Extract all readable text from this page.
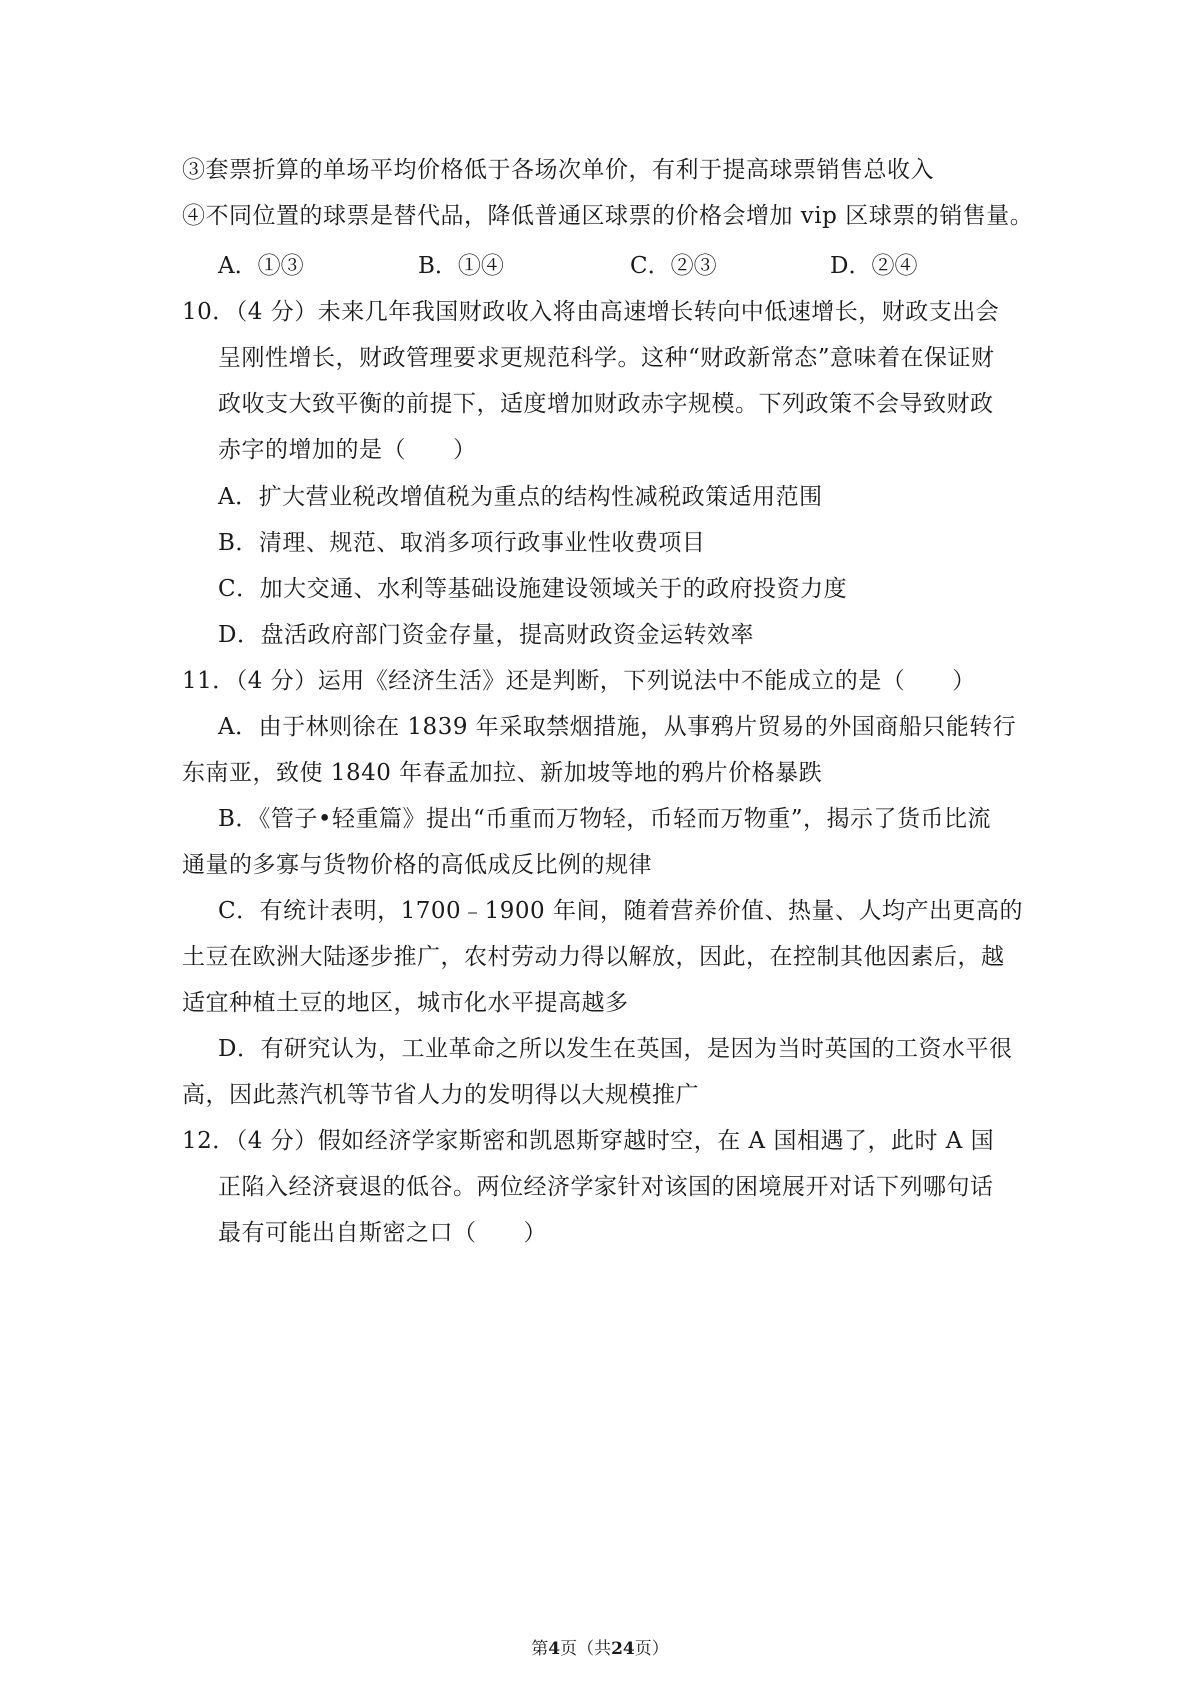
③套票折算的单场平均价格低于各场次单价，有利于提高球票销售总收入
④不同位置的球票是替代品，降低普通区球票的价格会增加 vip 区球票的销售量。
A．①③	B．①④	C．②③	D．②④
10．（4 分）未来几年我国财政收入将由高速增长转向中低速增长，财政支出会
呈刚性增长，财政管理要求更规范科学。这种“财政新常态”意味着在保证财
政收支大致平衡的前提下，适度增加财政赤字规模。下列政策不会导致财政
赤字的增加的是（　　）
A．扩大营业税改增值税为重点的结构性减税政策适用范围
B．清理、规范、取消多项行政事业性收费项目
C．加大交通、水利等基础设施建设领域关于的政府投资力度
D．盘活政府部门资金存量，提高财政资金运转效率
11．（4 分）运用《经济生活》还是判断，下列说法中不能成立的是（　　）
A．由于林则徐在 1839 年采取禁烟措施，从事鸦片贸易的外国商船只能转行
东南亚，致使 1840 年春孟加拉、新加坡等地的鸦片价格暴跌
B．《管子•轻重篇》提出“币重而万物轻，币轻而万物重”，揭示了货币比流
通量的多寡与货物价格的高低成反比例的规律
C．有统计表明，1700﹣1900 年间，随着营养价值、热量、人均产出更高的
土豆在欧洲大陆逐步推广，农村劳动力得以解放，因此，在控制其他因素后，越
适宜种植土豆的地区，城市化水平提高越多
D．有研究认为，工业革命之所以发生在英国，是因为当时英国的工资水平很
高，因此蒸汽机等节省人力的发明得以大规模推广
12．（4 分）假如经济学家斯密和凯恩斯穿越时空，在 A 国相遇了，此时 A 国
正陷入经济衰退的低谷。两位经济学家针对该国的困境展开对话下列哪句话
最有可能出自斯密之口（　　）
第4页（共24页）
